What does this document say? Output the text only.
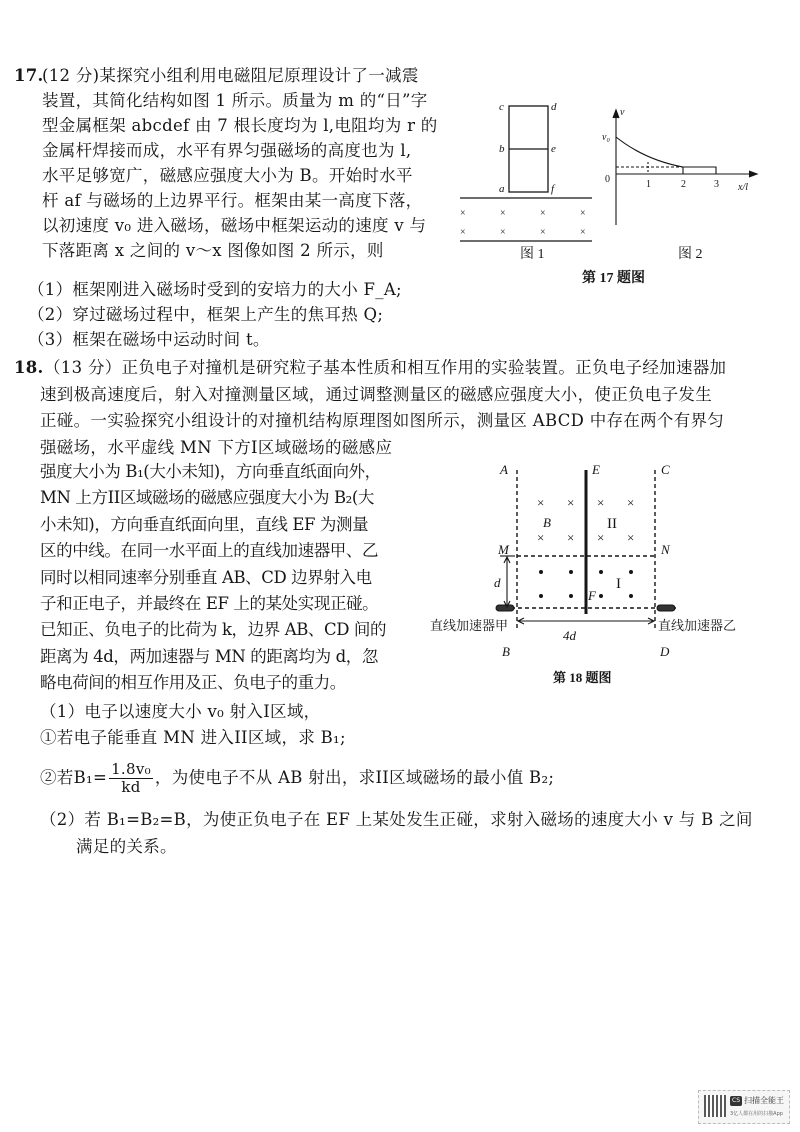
17.
(12 分)某探究小组利用电磁阻尼原理设计了一减震
装置，其简化结构如图 1 所示。质量为 m 的“日”字
型金属框架 abcdef 由 7 根长度均为 l,电阻均为 r 的
金属杆焊接而成，水平有界匀强磁场的高度也为 l,
水平足够宽广，磁感应强度大小为 B。开始时水平
杆 af 与磁场的上边界平行。框架由某一高度下落，
以初速度 v₀ 进入磁场，磁场中框架运动的速度 v 与
下落距离 x 之间的 v～x 图像如图 2 所示，则
（1）框架刚进入磁场时受到的安培力的大小 F_A;
（2）穿过磁场过程中，框架上产生的焦耳热 Q;
（3）框架在磁场中运动时间 t。
18. （13 分）正负电子对撞机是研究粒子基本性质和相互作用的实验装置。正负电子经加速器加
速到极高速度后，射入对撞测量区域，通过调整测量区的磁感应强度大小，使正负电子发生
正碰。一实验探究小组设计的对撞机结构原理图如图所示，测量区 ABCD 中存在两个有界匀
强磁场，水平虚线 MN 下方I区域磁场的磁感应
强度大小为 B₁(大小未知)，方向垂直纸面向外，
MN 上方II区域磁场的磁感应强度大小为 B₂(大
小未知)，方向垂直纸面向里，直线 EF 为测量
区的中线。在同一水平面上的直线加速器甲、乙
同时以相同速率分别垂直 AB、CD 边界射入电
子和正电子，并最终在 EF 上的某处实现正碰。
已知正、负电子的比荷为 k，边界 AB、CD 间的
距离为 4d，两加速器与 MN 的距离均为 d，忽
略电荷间的相互作用及正、负电子的重力。
（1）电子以速度大小 v₀ 射入I区域，
①若电子能垂直 MN 进入II区域，求 B₁;
②若$B_1= \frac{\text{1.8v₀}}{kd}$ ，为使电子不从 AB 射出，求II区域磁场的最小值 B₂;
（2）若 B₁=B₂=B，为使正负电子在 EF 上某处发生正碰，求射入磁场的速度大小 v 与 B 之间
满足的关系。
c	d
b	e
a	f
×	×	×	×
×	×	×	×
图 1
v
v₀
0	1	2	3 x/l
图 2
第 17 题图
× × × ×
× × × ×
A	E	C
B
M	N
d
F
4d
B	D
II
I
直线加速器甲	直线加速器乙
第 18 题图
CS 扫描全能王
3亿人都在用的扫描App
